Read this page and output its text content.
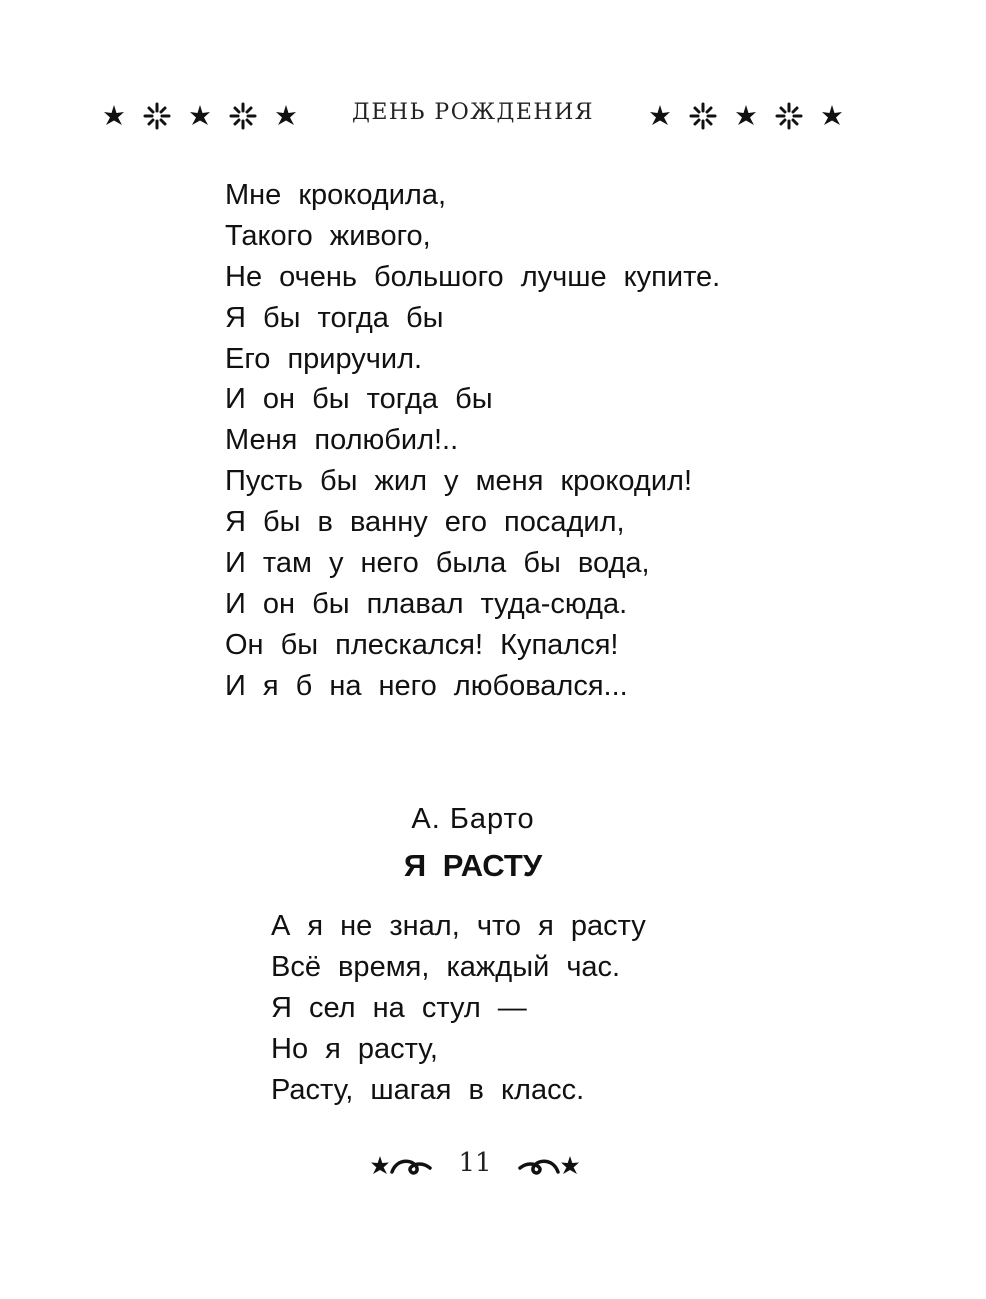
ДЕНЬ РОЖДЕНИЯ
Мне крокодила,
Такого живого,
Не очень большого лучше купите.
Я бы тогда бы
Его приручил.
И он бы тогда бы
Меня полюбил!..
Пусть бы жил у меня крокодил!
Я бы в ванну его посадил,
И там у него была бы вода,
И он бы плавал туда-сюда.
Он бы плескался! Купался!
И я б на него любовался...
А. Барто
Я РАСТУ
А я не знал, что я расту
Всё время, каждый час.
Я сел на стул —
Но я расту,
Расту, шагая в класс.
11
